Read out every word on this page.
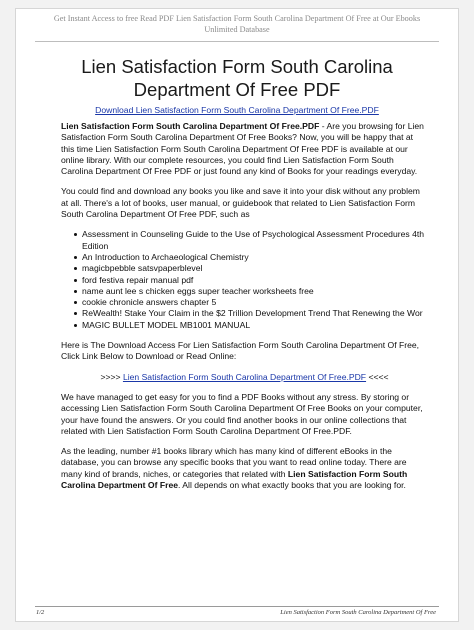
Get Instant Access to free Read PDF Lien Satisfaction Form South Carolina Department Of Free at Our Ebooks
Unlimited Database
Lien Satisfaction Form South Carolina
Department Of Free PDF
Download Lien Satisfaction Form South Carolina Department Of Free.PDF

Lien Satisfaction Form South Carolina Department Of Free.PDF - Are you browsing for Lien Satisfaction Form South Carolina Department Of Free Books? Now, you will be happy that at this time Lien Satisfaction Form South Carolina Department Of Free PDF is available at our online library. With our complete resources, you could find Lien Satisfaction Form South Carolina Department Of Free PDF or just found any kind of Books for your readings everyday.

You could find and download any books you like and save it into your disk without any problem at all. There's a lot of books, user manual, or guidebook that related to Lien Satisfaction Form South Carolina Department Of Free PDF, such as

Assessment in Counseling Guide to the Use of Psychological Assessment Procedures 4th Edition
An Introduction to Archaeological Chemistry
magicbpebble satsvpaperblevel
ford festiva repair manual pdf
name aunt lee s chicken eggs super teacher worksheets free
cookie chronicle answers chapter 5
ReWealth! Stake Your Claim in the $2 Trillion Development Trend That Renewing the Wor
MAGIC BULLET MODEL MB1001 MANUAL

Here is The Download Access For Lien Satisfaction Form South Carolina Department Of Free, Click Link Below to Download or Read Online:

>>>> Lien Satisfaction Form South Carolina Department Of Free.PDF <<<<

We have managed to get easy for you to find a PDF Books without any stress. By storing or accessing Lien Satisfaction Form South Carolina Department Of Free Books on your computer, your have found the answers. Or you could find another books in our online collections that related with Lien Satisfaction Form South Carolina Department Of Free.PDF.

As the leading, number #1 books library which has many kind of different eBooks in the database, you can browse any specific books that you want to read online today. There are many kind of brands, niches, or categories that related with Lien Satisfaction Form South Carolina Department Of Free. All depends on what exactly books that you are looking for.

1/2	Lien Satisfaction Form South Carolina Department Of Free
